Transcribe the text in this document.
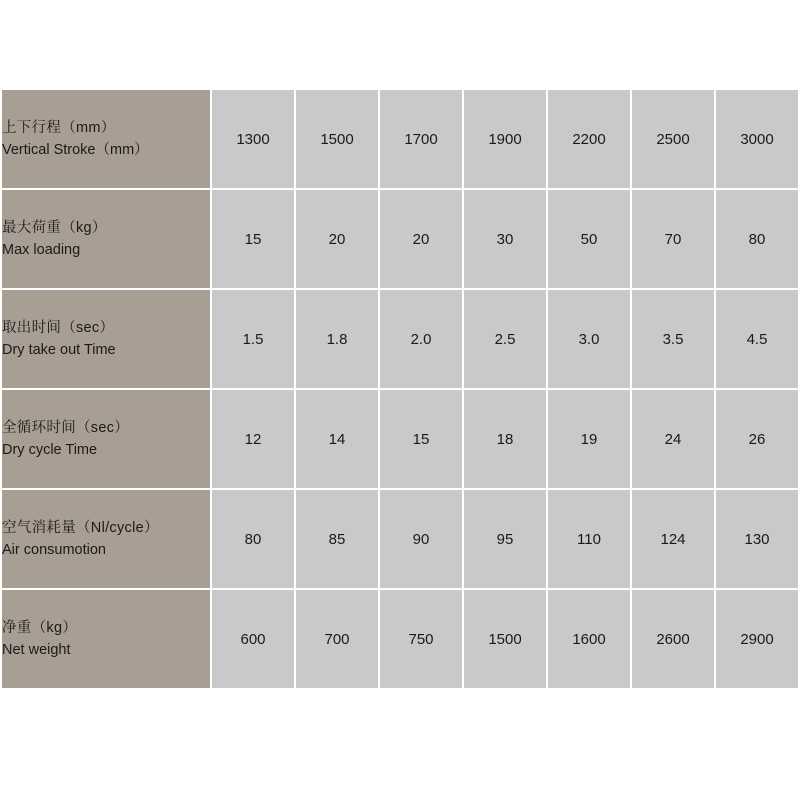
上下行程（mm）
Vertical Stroke（mm）	1300	1500	1700	1900	2200	2500	3000

最大荷重（kg）
Max loading	15	20	20	30	50	70	80

取出时间（sec）
Dry take out Time	1.5	1.8	2.0	2.5	3.0	3.5	4.5

全循环时间（sec）
Dry cycle Time	12	14	15	18	19	24	26

空气消耗量（Nl/cycle）
Air consumotion	80	85	90	95	110	124	130

净重（kg）
Net weight	600	700	750	1500	1600	2600	2900
